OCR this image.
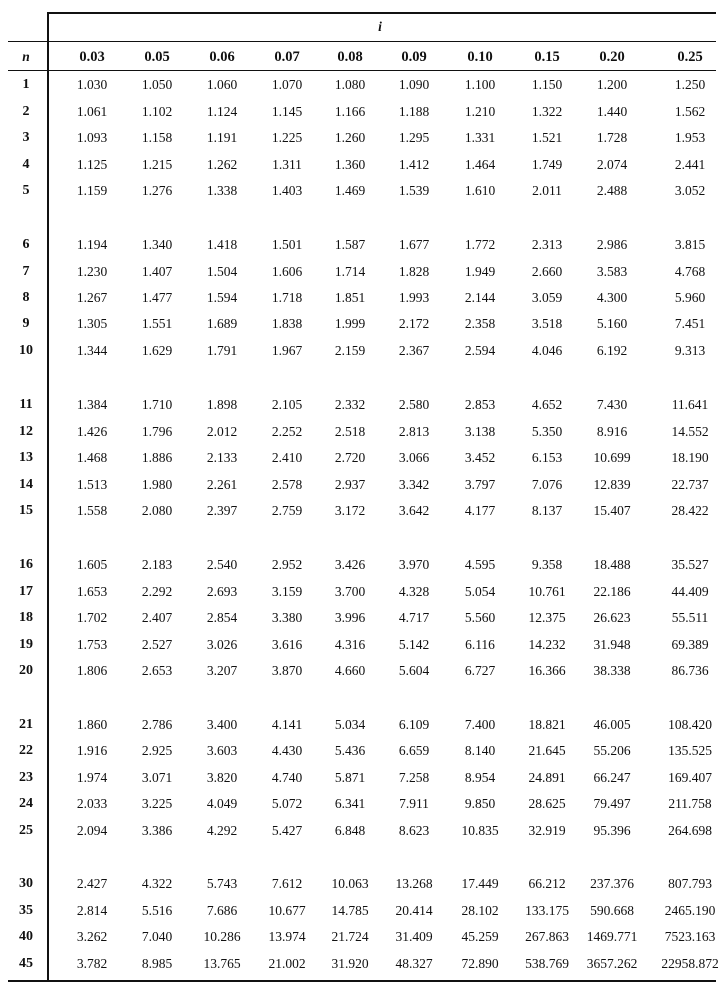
i
n	0.03	0.05	0.06	0.07	0.08	0.09	0.10	0.15	0.20	0.25
1	1.030	1.050	1.060	1.070 1.080 1.090	1.100	1.150	1.200	1.250
2	1.061	1.102	1.124	1.145 1.166 1.188	1.210	1.322	1.440	1.562
3	1.093	1.158	1.191	1.225 1.260 1.295	1.331	1.521	1.728	1.953
4	1.125	1.215	1.262	1.311 1.360 1.412	1.464	1.749	2.074	2.441
5	1.159	1.276	1.338	1.403 1.469 1.539	1.610	2.011	2.488	3.052
6	1.194	1.340	1.418	1.501 1.587 1.677	1.772	2.313	2.986	3.815
7	1.230	1.407	1.504	1.606 1.714 1.828	1.949	2.660	3.583	4.768
8	1.267	1.477	1.594	1.718 1.851 1.993	2.144	3.059	4.300	5.960
9	1.305	1.551	1.689	1.838 1.999 2.172	2.358	3.518	5.160	7.451
10	1.344	1.629	1.791	1.967 2.159 2.367	2.594	4.046	6.192	9.313
11	1.384	1.710	1.898	2.105 2.332 2.580	2.853	4.652	7.430	11.641
12	1.426	1.796	2.012	2.252 2.518 2.813	3.138	5.350	8.916	14.552
13	1.468	1.886	2.133	2.410 2.720 3.066	3.452	6.153 10.699	18.190
14	1.513	1.980	2.261	2.578 2.937 3.342	3.797	7.076 12.839	22.737
15	1.558	2.080	2.397	2.759 3.172 3.642	4.177	8.137 15.407	28.422
16	1.605	2.183	2.540	2.952 3.426 3.970	4.595	9.358 18.488	35.527
17	1.653	2.292	2.693	3.159 3.700 4.328	5.054 10.761 22.186	44.409
18	1.702	2.407	2.854	3.380 3.996 4.717	5.560 12.375 26.623	55.511
19	1.753	2.527	3.026	3.616 4.316 5.142	6.116 14.232 31.948	69.389
20	1.806	2.653	3.207	3.870 4.660 5.604	6.727 16.366 38.338	86.736
21	1.860	2.786	3.400	4.141 5.034 6.109	7.400 18.821 46.005	108.420
22	1.916	2.925	3.603	4.430 5.436 6.659	8.140 21.645 55.206	135.525
23	1.974	3.071	3.820	4.740 5.871 7.258	8.954 24.891 66.247	169.407
24	2.033	3.225	4.049	5.072 6.341	7.911	9.850 28.625 79.497	211.758
25	2.094	3.386	4.292	5.427 6.848 8.623 10.835 32.919 95.396	264.698
30	2.427	4.322	5.743	7.612 10.063 13.268 17.449 66.212 237.376	807.793
35	2.814	5.516	7.686 10.677 14.785 20.414 28.102 133.175 590.668 2465.190
40	3.262	7.040 10.286 13.974 21.724 31.409 45.259 267.863 1469.771 7523.163
45	3.782	8.985 13.765 21.002 31.920 48.327 72.890 538.769 3657.262 22958.872
